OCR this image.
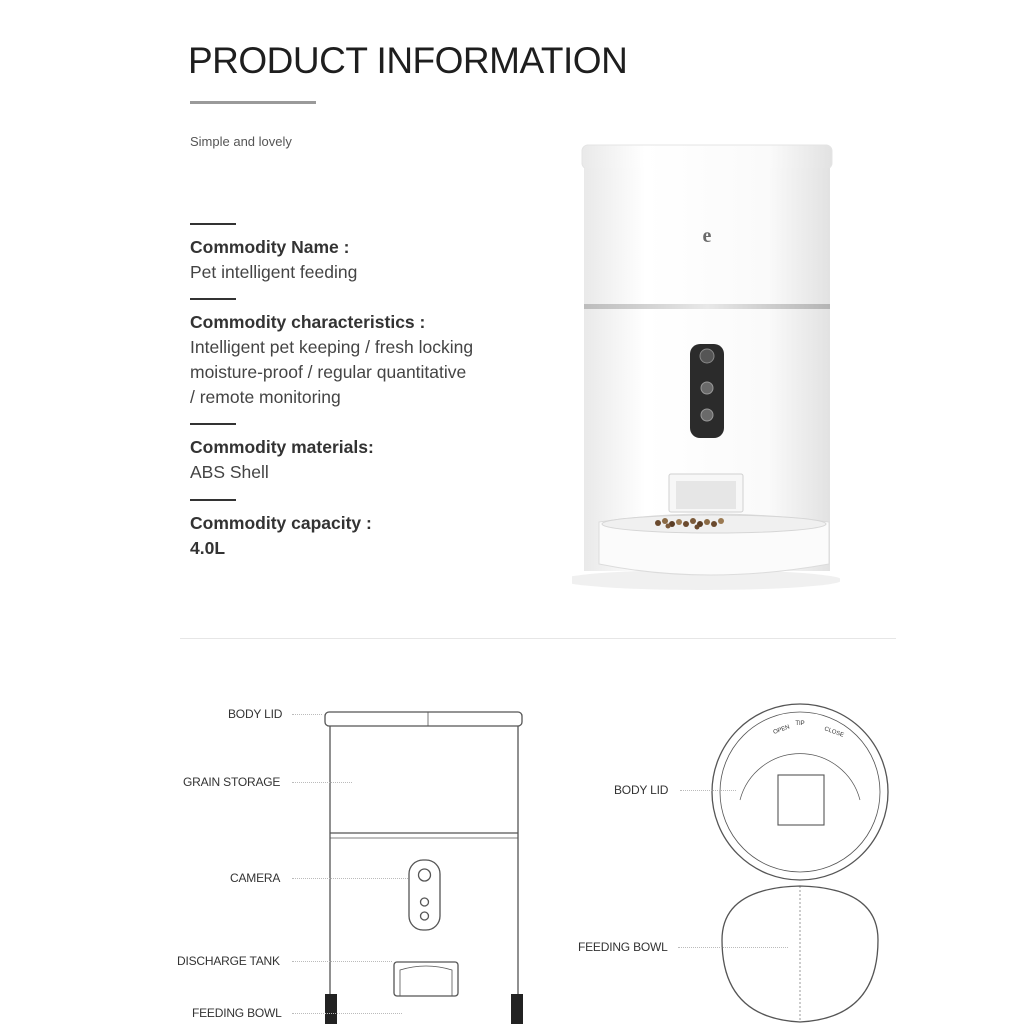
PRODUCT INFORMATION
Simple and lovely
Commodity Name :
Pet intelligent feeding
Commodity characteristics :
Intelligent pet keeping / fresh locking
moisture-proof / regular quantitative
/ remote monitoring
Commodity materials:
ABS Shell
Commodity capacity :
4.0L
e
BODY LID
GRAIN STORAGE
CAMERA
DISCHARGE TANK
FEEDING BOWL
OPEN
TIP
CLOSE
BODY LID
FEEDING BOWL
